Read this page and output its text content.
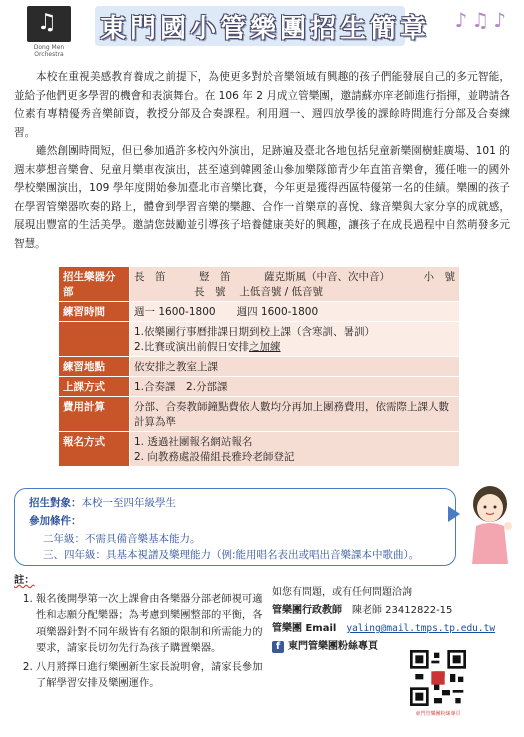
♫
Dong Men Orchestra
東門國小管樂團招生簡章 ♪ ♫ ♪

本校在重視美感教育養成之前提下，為使更多對於音樂領域有興趣的孩子們能發展自己的多元智能，並給予他們更多學習的機會和表演舞台。在 106 年 2 月成立管樂團，邀請蘇亦庠老師進行指揮，並聘請各位素有專精優秀音樂師資，教授分部及合奏課程。利用週一、週四放學後的課餘時間進行分部及合奏練習。

雖然創團時間短，但已參加過許多校內外演出，足跡遍及臺北各地包括兒童新樂園樹蛙廣場、101 的週末夢想音樂會、兒童月樂車夜演出，甚至遠到韓國釜山參加樂隊節青少年直笛音樂會，獲任唯一的國外學校樂團演出，109 學年度開始參加臺北市音樂比賽，今年更是獲得西區特優第一名的佳績。樂團的孩子在學習管樂器吹奏的路上，體會到學習音樂的樂趣、合作一首樂章的喜悅、緣音樂與大家分享的成就感，展現出豐富的生活美學。邀請您鼓勵並引導孩子培養健康美好的興趣，讓孩子在成長過程中自然萌發多元智慧。

招生樂器分部	長　笛 豎　笛 薩克斯風（中音、次中音） 小　號
長　號　 上低音號 / 低音號

練習時間	週一 1600-1800　　週四 1600-1800

	1.依樂團行事曆排課日期到校上課（含寒訓、暑訓）
2.比賽或演出前假日安排之加練

練習地點	依安排之教室上課
上課方式	1.合奏課　2.分部課
費用計算	分部、合奏教師鐘點費依人數均分再加上團務費用，依需際上課人數計算為準
報名方式	1. 透過社團報名網站報名
2. 向教務處設備組長雅玲老師登記
招生對象：本校一至四年級學生
參加條件：
二年級：不需具備音樂基本能力。
三、四年級：具基本視譜及樂理能力（例:能用唱名表出或唱出音樂課本中歌曲）。
註：
1. 報名後開學第一次上課會由各樂器分部老師視可適性和志願分配樂器；為考慮到樂團整部的平衡，各項樂器針對不同年級皆有名額的限制和所需能力的要求，請家長切勿先行為孩子購置樂器。
2. 八月將擇日進行樂團新生家長說明會，請家長參加了解學習安排及樂團運作。
如您有問題，或有任何問題洽詢
管樂團行政教師　 陳老師 23412822-15
管樂團 Email　 yaling@mail.tmps.tp.edu.tw
f 東門管樂團粉絲專頁
東門管樂團粉絲專頁
